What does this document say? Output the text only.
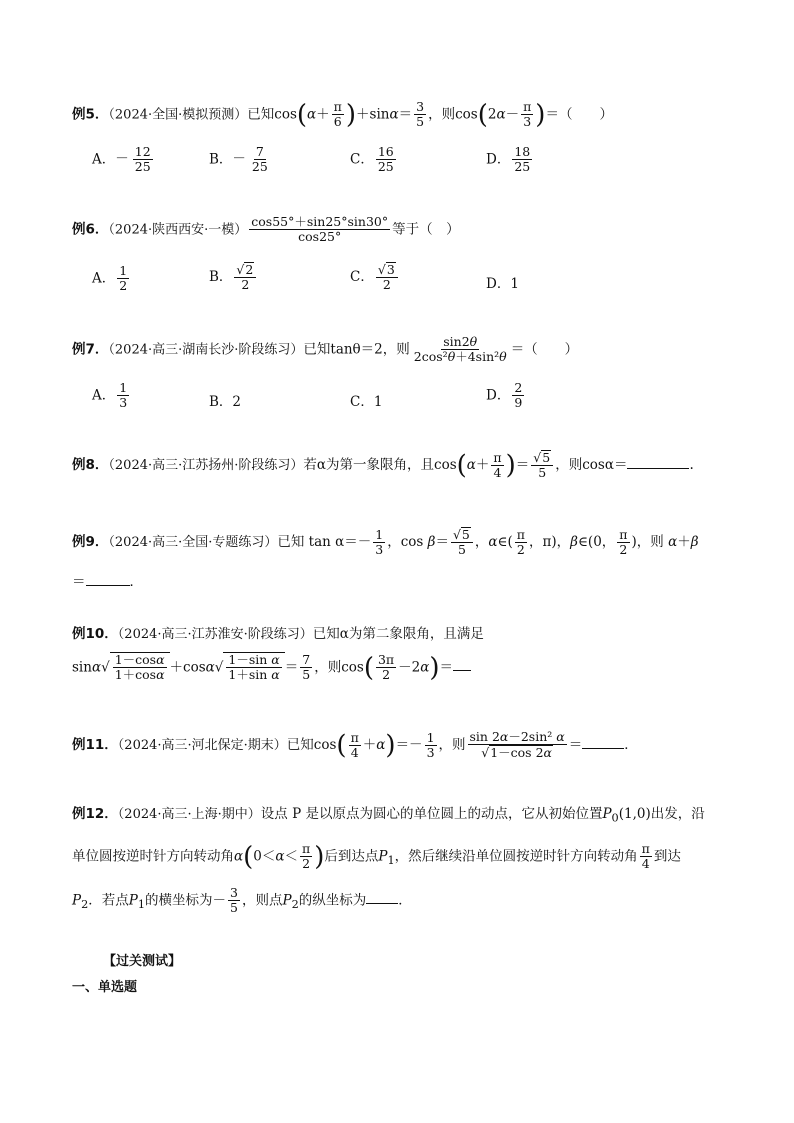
例5．（2024·全国·模拟预测）已知$\cos(\alpha+ \frac{\pi}{6} )+\sin\alpha= \frac{3}{5}$ ，则$\cos(2\alpha- \frac{\pi}{3}$ )＝（　　）
A．－ $\frac{12}{25}$	B．－ $\frac{7}{25}$	C． $\frac{16}{25}$	D． $\frac{18}{25}$
例6．（2024·陕西西安·一模） $\frac{\cos 55^\circ+\sin 25^\circ\sin 30^\circ}{\cos 25^\circ}$ 等于（　）
A． $\frac{1}{2}$	B． $\frac{√2}{2}$	C． $\frac{√3}{2}$	D．1
例7．（2024·高三·湖南长沙·阶段练习）已知tanθ＝2，则 $\frac{\sin 2\theta}{\text{2cos²θ＋4sin²θ}}$ ＝（　　）
A． $\frac{1}{3}$	B．2	C．1	D． $\frac{2}{9}$
例8．（2024·高三·江苏扬州·阶段练习）若α为第一象限角，且$\cos(\alpha+ \frac{\pi}{4}$ )＝ $\frac{√5}{5}$ ，则cosα＝	.
例9．（2024·高三·全国·专题练习）已知 $\tan \alpha=- \frac{1}{3}$ ，$\cos \beta= \frac{√5}{5}$ ，α∈( $\frac{\pi}{2}$ ，π)，β∈(0， $\frac{\pi}{2}$ )，则 α＋β
＝	．
例10．（2024·高三·江苏淮安·阶段练习）已知α为第二象限角，且满足
$\sin\alpha√ \frac{1-\cos\alpha}{1+\cos\alpha} +\cos\alpha√ \frac{\text{1－sin α}}{\text{1＋sin α}} = \frac{7}{5}$ ，则$\cos( \frac{3\pi}{2} -2\alpha)=$
例11．（2024·高三·河北保定·期末）已知$\cos( \frac{\pi}{4} +\alpha)=- \frac{1}{3}$ ，则 $\frac{\text{sin 2α－2sin² α}}{√1-\cos 2\alpha}$ ＝	．
例12．（2024·高三·上海·期中）设点 P 是以原点为圆心的单位圆上的动点，它从初始位置$P_0(1,0)$出发，沿
单位圆按逆时针方向转动角$\alpha(0<\alpha< \frac{\pi}{2}$ )后到达点$P_1$，然后继续沿单位圆按逆时针方向转动角 $\frac{\pi}{4}$ 到达
$P_2$．若点$P_1$的横坐标为－ $\frac{3}{5}$ ，则点$P_2$的纵坐标为 ．
【过关测试】
一、单选题
